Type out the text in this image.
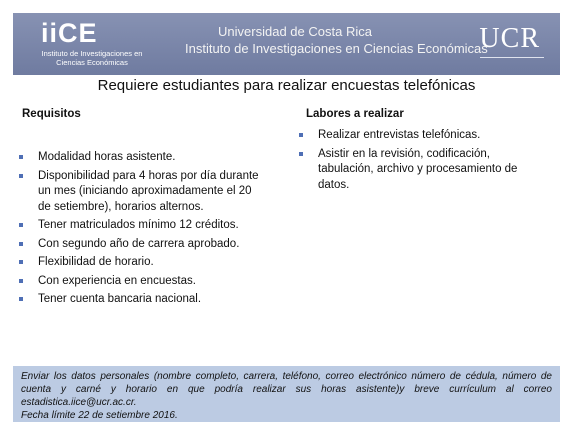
iiCE
Instituto de Investigaciones en
Ciencias Económicas
Universidad de Costa Rica
Instituto de Investigaciones en Ciencias Económicas
UCR
Requiere estudiantes para realizar encuestas telefónicas
Requisitos
Modalidad horas asistente.
Disponibilidad para 4 horas por día durante un mes (iniciando aproximadamente el 20 de setiembre), horarios alternos.
Tener matriculados mínimo 12 créditos.
Con segundo año de carrera aprobado.
Flexibilidad de horario.
Con experiencia en encuestas.
Tener cuenta bancaria nacional.
Labores a realizar
Realizar entrevistas telefónicas.
Asistir en la revisión, codificación, tabulación, archivo y procesamiento de datos.

Enviar los datos personales (nombre completo, carrera, teléfono, correo electrónico número de cédula, número de cuenta y carné y horario en que podría realizar sus horas asistente)y breve currículum al correo estadistica.iice@ucr.ac.cr.

Fecha límite 22 de setiembre 2016.
